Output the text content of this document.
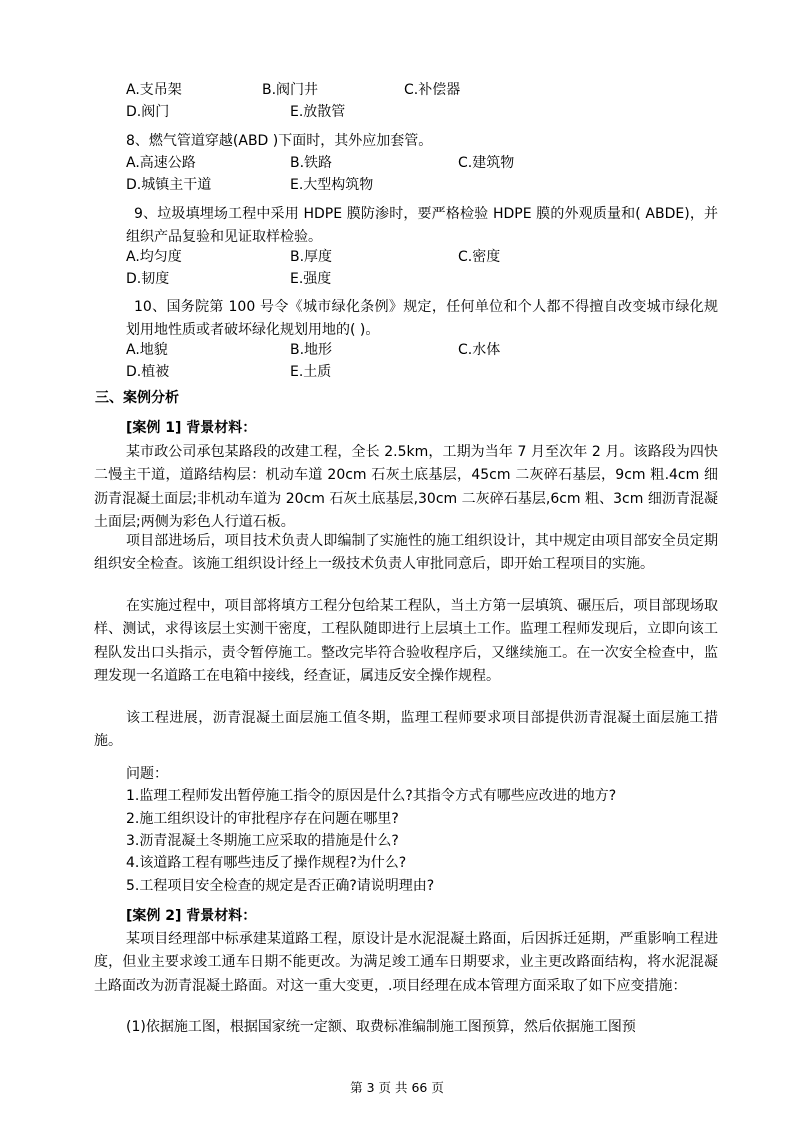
A.支吊架	B.阀门井	C.补偿器
D.阀门	E.放散管
8、燃气管道穿越(ABD )下面时，其外应加套管。
A.高速公路	B.铁路	C.建筑物
D.城镇主干道	E.大型构筑物
9、垃圾填埋场工程中采用 HDPE 膜防渗时，要严格检验 HDPE 膜的外观质量和( ABDE)，并组织产品复验和见证取样检验。
A.均匀度	B.厚度	C.密度
D.韧度	E.强度
10、国务院第 100 号令《城市绿化条例》规定，任何单位和个人都不得擅自改变城市绿化规划用地性质或者破坏绿化规划用地的( )。
A.地貌	B.地形	C.水体
D.植被	E.土质
三、案例分析
[案例 1] 背景材料：
某市政公司承包某路段的改建工程，全长 2.5km，工期为当年 7 月至次年 2 月。该路段为四快二慢主干道，道路结构层：机动车道 20cm 石灰土底基层，45cm 二灰碎石基层，9cm 粗.4cm 细沥青混凝土面层;非机动车道为 20cm 石灰土底基层,30cm 二灰碎石基层,6cm 粗、3cm 细沥青混凝土面层;两侧为彩色人行道石板。
项目部进场后，项目技术负责人即编制了实施性的施工组织设计，其中规定由项目部安全员定期组织安全检查。该施工组织设计经上一级技术负责人审批同意后，即开始工程项目的实施。
在实施过程中，项目部将填方工程分包给某工程队，当土方第一层填筑、碾压后，项目部现场取样、测试，求得该层土实测干密度，工程队随即进行上层填土工作。监理工程师发现后，立即向该工程队发出口头指示，责令暂停施工。整改完毕符合验收程序后，又继续施工。在一次安全检查中，监理发现一名道路工在电箱中接线，经查证，属违反安全操作规程。
该工程进展，沥青混凝土面层施工值冬期，监理工程师要求项目部提供沥青混凝土面层施工措施。
问题：
1.监理工程师发出暂停施工指令的原因是什么?其指令方式有哪些应改进的地方?
2.施工组织设计的审批程序存在问题在哪里?
3.沥青混凝土冬期施工应采取的措施是什么?
4.该道路工程有哪些违反了操作规程?为什么?
5.工程项目安全检查的规定是否正确?请说明理由?
[案例 2] 背景材料：
某项目经理部中标承建某道路工程，原设计是水泥混凝土路面，后因拆迁延期，严重影响工程进度，但业主要求竣工通车日期不能更改。为满足竣工通车日期要求，业主更改路面结构，将水泥混凝土路面改为沥青混凝土路面。对这一重大变更，.项目经理在成本管理方面采取了如下应变措施：
(1)依据施工图，根据国家统一定额、取费标准编制施工图预算，然后依据施工图预
第 3 页 共 66 页
